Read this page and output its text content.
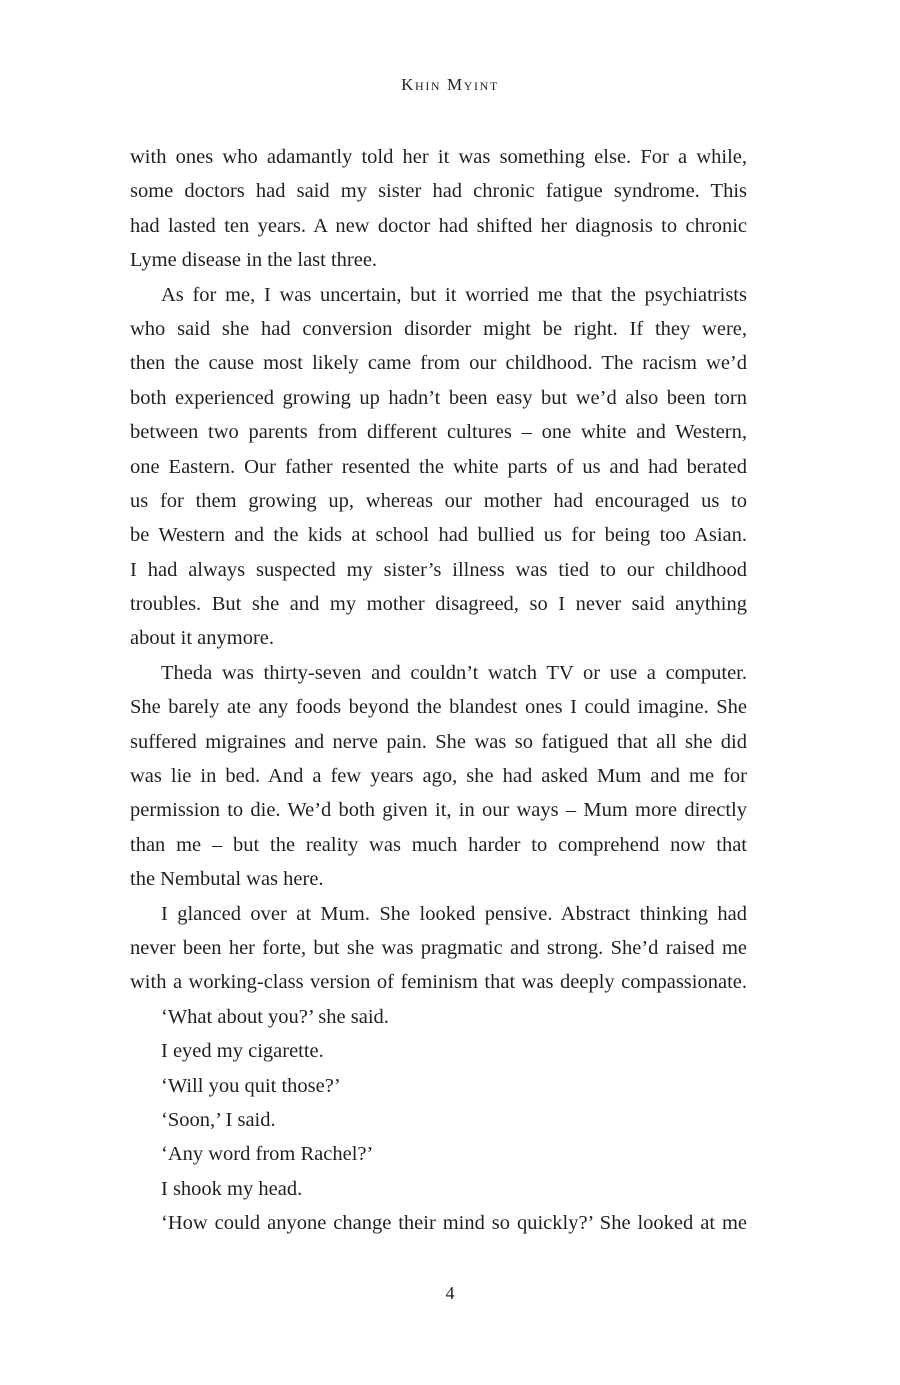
Khin Myint
with ones who adamantly told her it was something else. For a while,
some doctors had said my sister had chronic fatigue syndrome. This
had lasted ten years. A new doctor had shifted her diagnosis to chronic
Lyme disease in the last three.
As for me, I was uncertain, but it worried me that the psychiatrists
who said she had conversion disorder might be right. If they were,
then the cause most likely came from our childhood. The racism we’d
both experienced growing up hadn’t been easy but we’d also been torn
between two parents from different cultures – one white and Western,
one Eastern. Our father resented the white parts of us and had berated
us for them growing up, whereas our mother had encouraged us to
be Western and the kids at school had bullied us for being too Asian.
I had always suspected my sister’s illness was tied to our childhood
troubles. But she and my mother disagreed, so I never said anything
about it anymore.
Theda was thirty-seven and couldn’t watch TV or use a computer.
She barely ate any foods beyond the blandest ones I could imagine. She
suffered migraines and nerve pain. She was so fatigued that all she did
was lie in bed. And a few years ago, she had asked Mum and me for
permission to die. We’d both given it, in our ways – Mum more directly
than me – but the reality was much harder to comprehend now that
the Nembutal was here.
I glanced over at Mum. She looked pensive. Abstract thinking had
never been her forte, but she was pragmatic and strong. She’d raised me
with a working-class version of feminism that was deeply compassionate.
‘What about you?’ she said.
I eyed my cigarette.
‘Will you quit those?’
‘Soon,’ I said.
‘Any word from Rachel?’
I shook my head.
‘How could anyone change their mind so quickly?’ She looked at me
4
